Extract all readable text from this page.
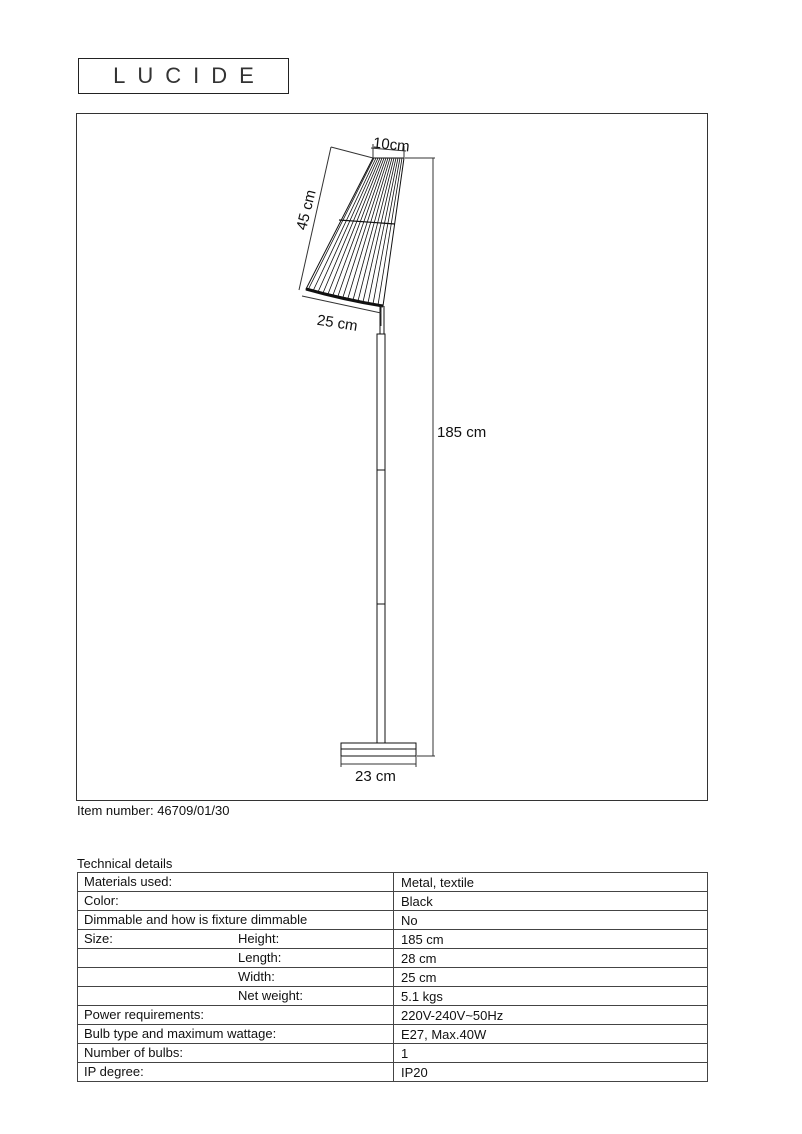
LUCIDE
10cm
45 cm
25 cm
185 cm
23 cm
Item number: 46709/01/30
Technical details
Materials used:	Metal, textile
Color:	Black
Dimmable and how is fixture dimmable	No
Size: Height:	185 cm

Length:	28 cm

Width:	25 cm

Net weight:	5.1 kgs
Power requirements:	220V-240V~50Hz
Bulb type and maximum wattage:	E27, Max.40W
Number of bulbs:	1
IP degree:	IP20
